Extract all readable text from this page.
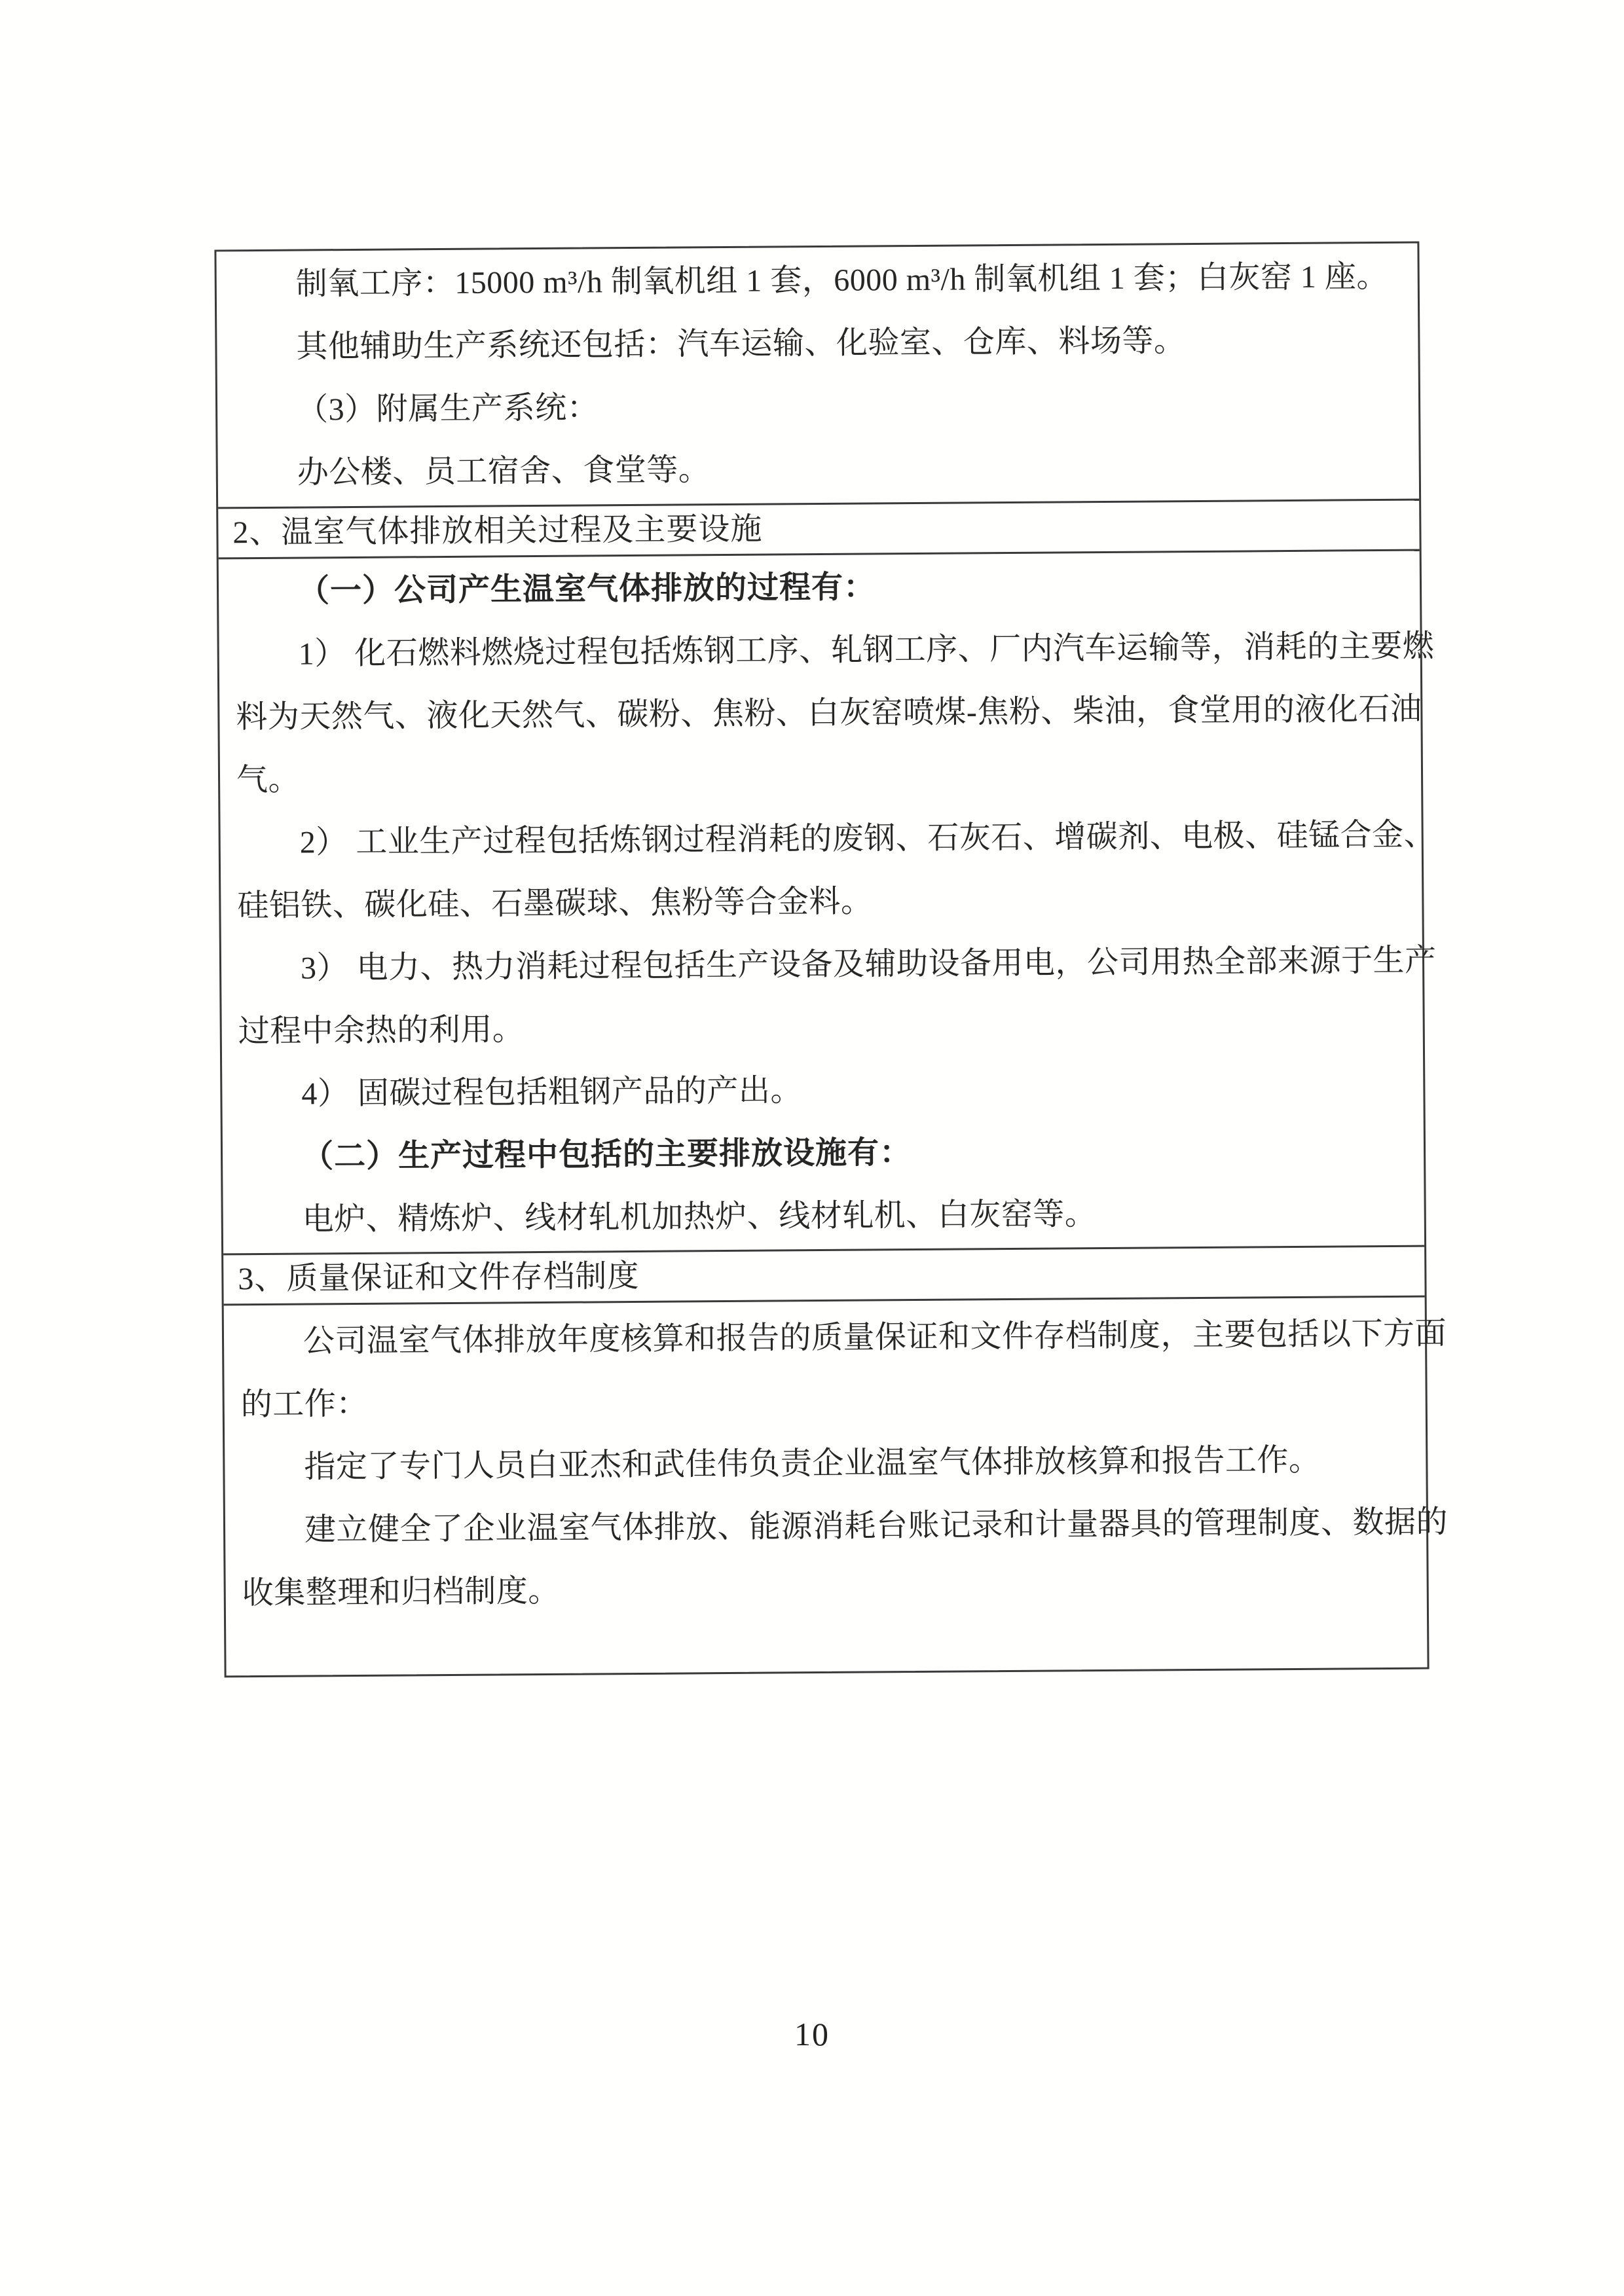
制氧工序：15000 m³/h 制氧机组 1 套，6000 m³/h 制氧机组 1 套；白灰窑 1 座。
其他辅助生产系统还包括：汽车运输、化验室、仓库、料场等。
（3）附属生产系统：
办公楼、员工宿舍、食堂等。
2、温室气体排放相关过程及主要设施
（一）公司产生温室气体排放的过程有：
1） 化石燃料燃烧过程包括炼钢工序、轧钢工序、厂内汽车运输等，消耗的主要燃
料为天然气、液化天然气、碳粉、焦粉、白灰窑喷煤-焦粉、柴油，食堂用的液化石油
气。
2） 工业生产过程包括炼钢过程消耗的废钢、石灰石、增碳剂、电极、硅锰合金、
硅铝铁、碳化硅、石墨碳球、焦粉等合金料。
3） 电力、热力消耗过程包括生产设备及辅助设备用电，公司用热全部来源于生产
过程中余热的利用。
4） 固碳过程包括粗钢产品的产出。
（二）生产过程中包括的主要排放设施有：
电炉、精炼炉、线材轧机加热炉、线材轧机、白灰窑等。
3、质量保证和文件存档制度
公司温室气体排放年度核算和报告的质量保证和文件存档制度，主要包括以下方面
的工作：
指定了专门人员白亚杰和武佳伟负责企业温室气体排放核算和报告工作。
建立健全了企业温室气体排放、能源消耗台账记录和计量器具的管理制度、数据的
收集整理和归档制度。
10
